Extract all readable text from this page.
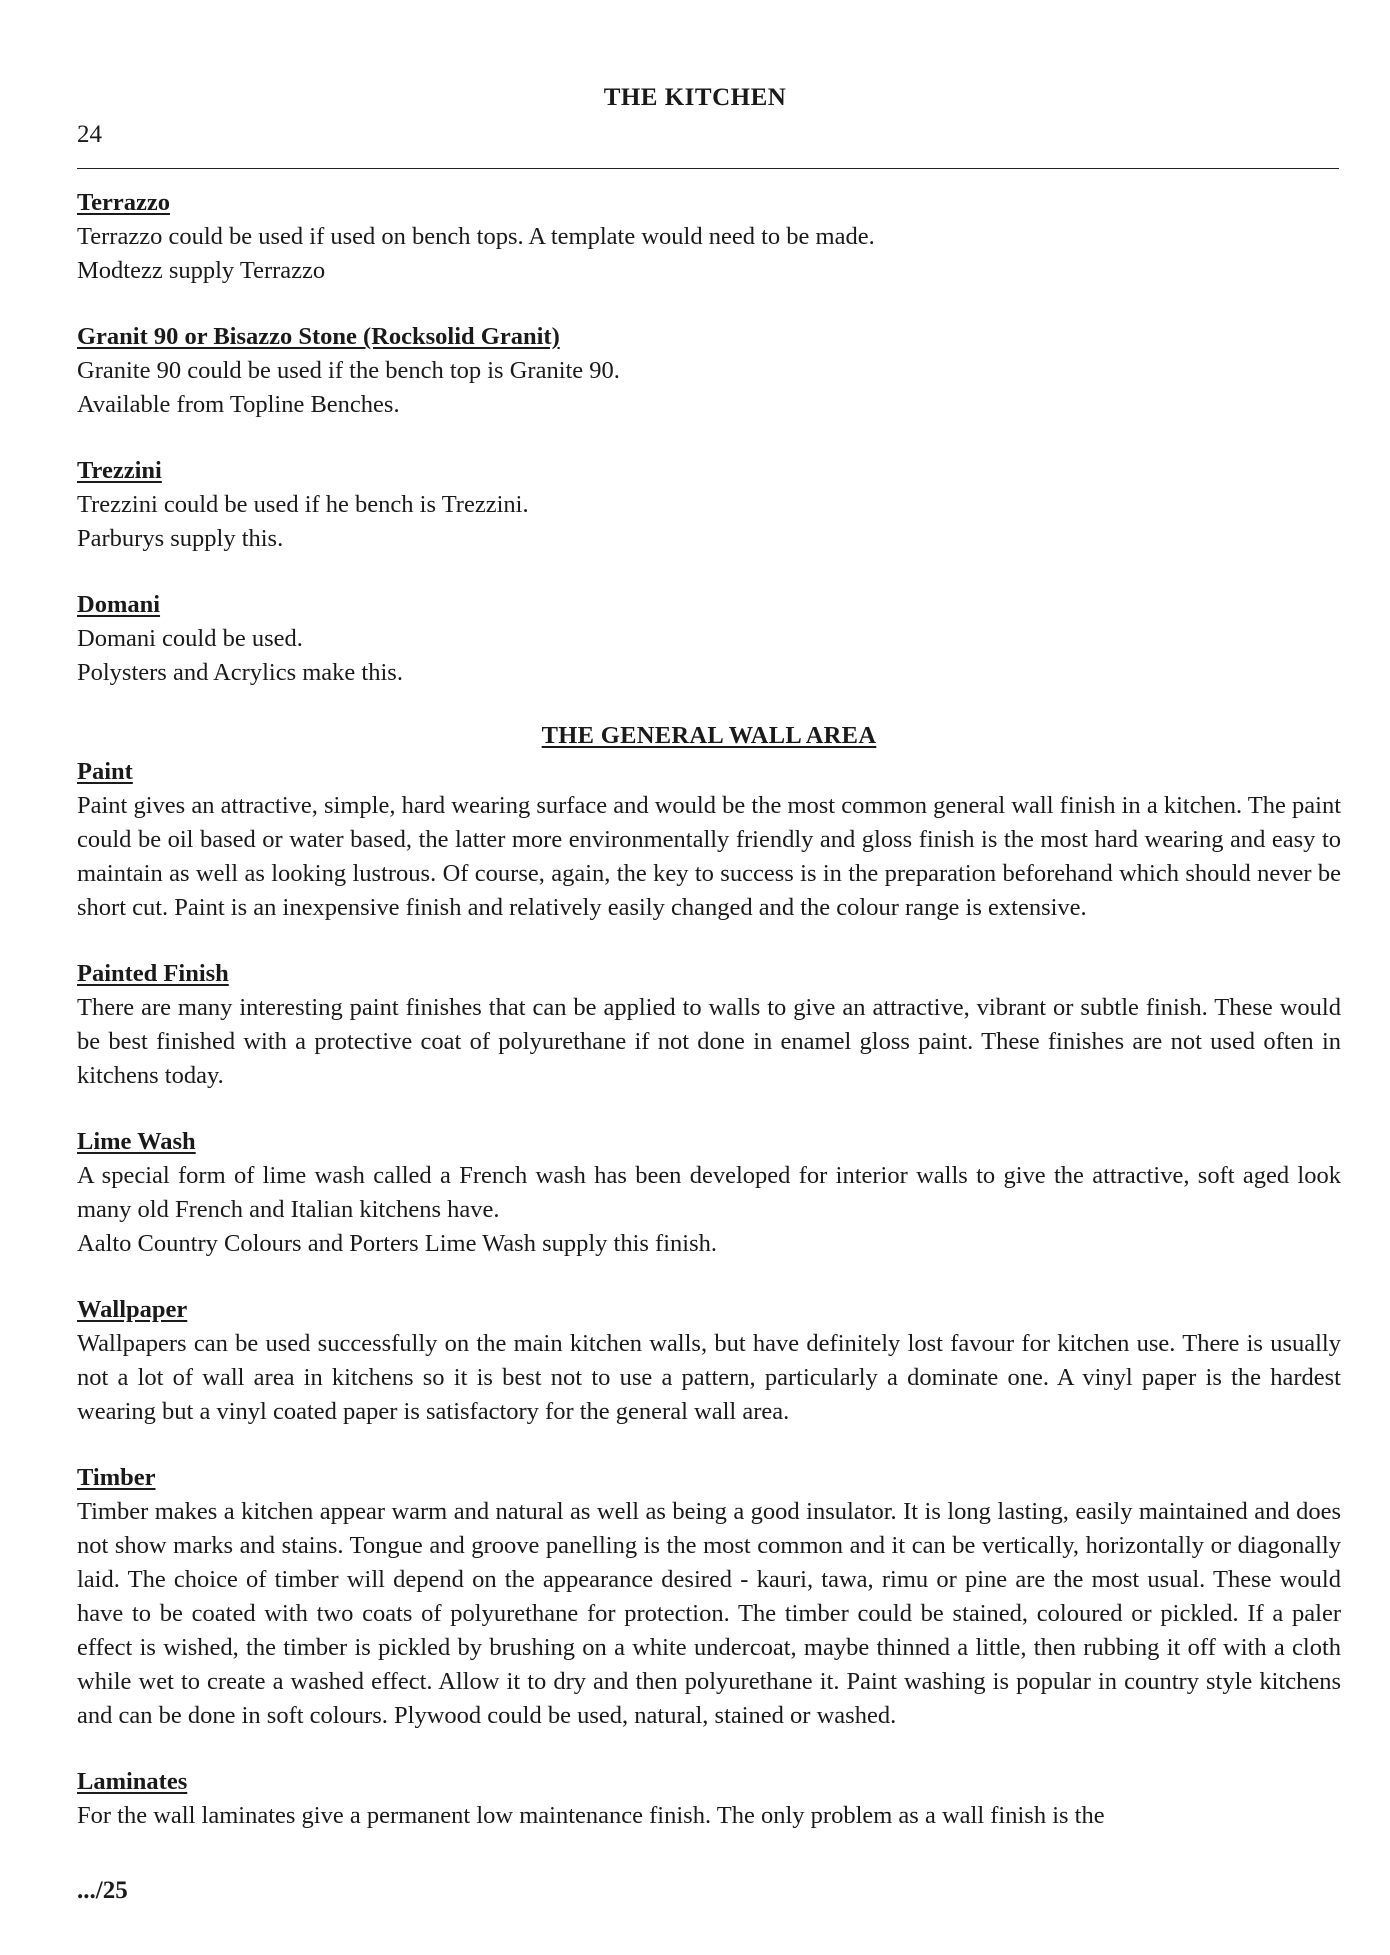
THE KITCHEN
24
Terrazzo
Terrazzo could be used if used on bench tops. A template would need to be made.
Modtezz supply Terrazzo
Granit 90 or Bisazzo Stone (Rocksolid Granit)
Granite 90 could be used if the bench top is Granite 90.
Available from Topline Benches.
Trezzini
Trezzini could be used if he bench is Trezzini.
Parburys supply this.
Domani
Domani could be used.
Polysters and Acrylics make this.
THE GENERAL WALL AREA
Paint
Paint gives an attractive, simple, hard wearing surface and would be the most common general wall finish in a kitchen. The paint could be oil based or water based, the latter more environmentally friendly and gloss finish is the most hard wearing and easy to maintain as well as looking lustrous. Of course, again, the key to success is in the preparation beforehand which should never be short cut. Paint is an inexpensive finish and relatively easily changed and the colour range is extensive.
Painted Finish
There are many interesting paint finishes that can be applied to walls to give an attractive, vibrant or subtle finish. These would be best finished with a protective coat of polyurethane if not done in enamel gloss paint. These finishes are not used often in kitchens today.
Lime Wash
A special form of lime wash called a French wash has been developed for interior walls to give the attractive, soft aged look many old French and Italian kitchens have.
Aalto Country Colours and Porters Lime Wash supply this finish.
Wallpaper
Wallpapers can be used successfully on the main kitchen walls, but have definitely lost favour for kitchen use. There is usually not a lot of wall area in kitchens so it is best not to use a pattern, particularly a dominate one. A vinyl paper is the hardest wearing but a vinyl coated paper is satisfactory for the general wall area.
Timber
Timber makes a kitchen appear warm and natural as well as being a good insulator. It is long lasting, easily maintained and does not show marks and stains. Tongue and groove panelling is the most common and it can be vertically, horizontally or diagonally laid. The choice of timber will depend on the appearance desired - kauri, tawa, rimu or pine are the most usual. These would have to be coated with two coats of polyurethane for protection. The timber could be stained, coloured or pickled. If a paler effect is wished, the timber is pickled by brushing on a white undercoat, maybe thinned a little, then rubbing it off with a cloth while wet to create a washed effect. Allow it to dry and then polyurethane it. Paint washing is popular in country style kitchens and can be done in soft colours. Plywood could be used, natural, stained or washed.
Laminates
For the wall laminates give a permanent low maintenance finish. The only problem as a wall finish is the
.../25
